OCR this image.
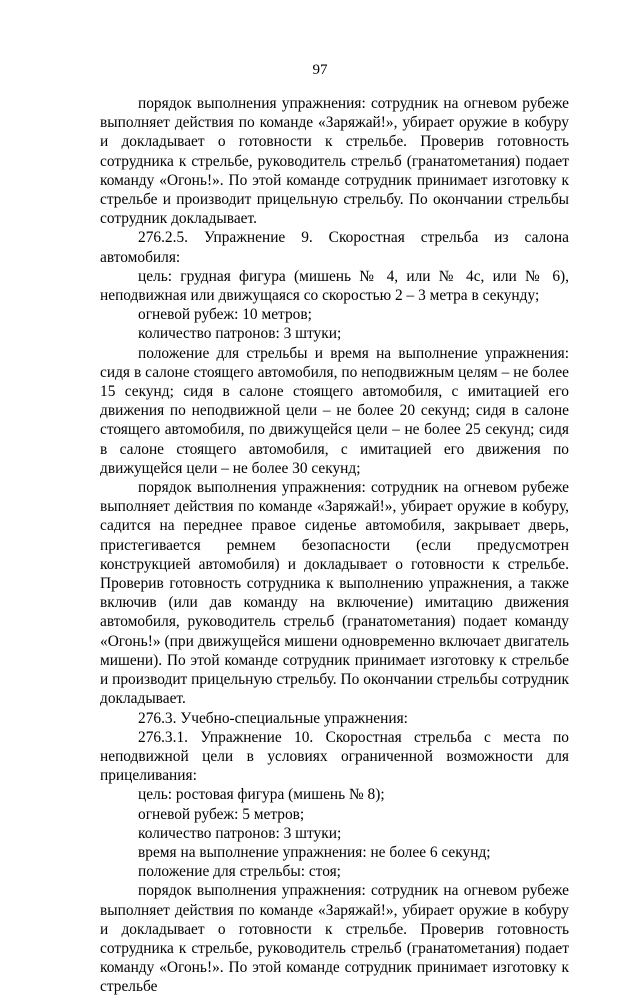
97

порядок выполнения упражнения: сотрудник на огневом рубеже выполняет действия по команде «Заряжай!», убирает оружие в кобуру и докладывает о готовности к стрельбе. Проверив готовность сотрудника к стрельбе, руководитель стрельб (гранатометания) подает команду «Огонь!». По этой команде сотрудник принимает изготовку к стрельбе и производит прицельную стрельбу. По окончании стрельбы сотрудник докладывает.

276.2.5. Упражнение 9. Скоростная стрельба из салона автомобиля:

цель: грудная фигура (мишень № 4, или № 4с, или № 6), неподвижная или движущаяся со скоростью 2 – 3 метра в секунду;

огневой рубеж: 10 метров;

количество патронов: 3 штуки;

положение для стрельбы и время на выполнение упражнения: сидя в салоне стоящего автомобиля, по неподвижным целям – не более 15 секунд; сидя в салоне стоящего автомобиля, с имитацией его движения по неподвижной цели – не более 20 секунд; сидя в салоне стоящего автомобиля, по движущейся цели – не более 25 секунд; сидя в салоне стоящего автомобиля, с имитацией его движения по движущейся цели – не более 30 секунд;

порядок выполнения упражнения: сотрудник на огневом рубеже выполняет действия по команде «Заряжай!», убирает оружие в кобуру, садится на переднее правое сиденье автомобиля, закрывает дверь, пристегивается ремнем безопасности (если предусмотрен конструкцией автомобиля) и докладывает о готовности к стрельбе. Проверив готовность сотрудника к выполнению упражнения, а также включив (или дав команду на включение) имитацию движения автомобиля, руководитель стрельб (гранатометания) подает команду «Огонь!» (при движущейся мишени одновременно включает двигатель мишени). По этой команде сотрудник принимает изготовку к стрельбе и производит прицельную стрельбу. По окончании стрельбы сотрудник докладывает.

276.3. Учебно-специальные упражнения:

276.3.1. Упражнение 10. Скоростная стрельба с места по неподвижной цели в условиях ограниченной возможности для прицеливания:

цель: ростовая фигура (мишень № 8);

огневой рубеж: 5 метров;

количество патронов: 3 штуки;

время на выполнение упражнения: не более 6 секунд;

положение для стрельбы: стоя;

порядок выполнения упражнения: сотрудник на огневом рубеже выполняет действия по команде «Заряжай!», убирает оружие в кобуру и докладывает о готовности к стрельбе. Проверив готовность сотрудника к стрельбе, руководитель стрельб (гранатометания) подает команду «Огонь!». По этой команде сотрудник принимает изготовку к стрельбе
